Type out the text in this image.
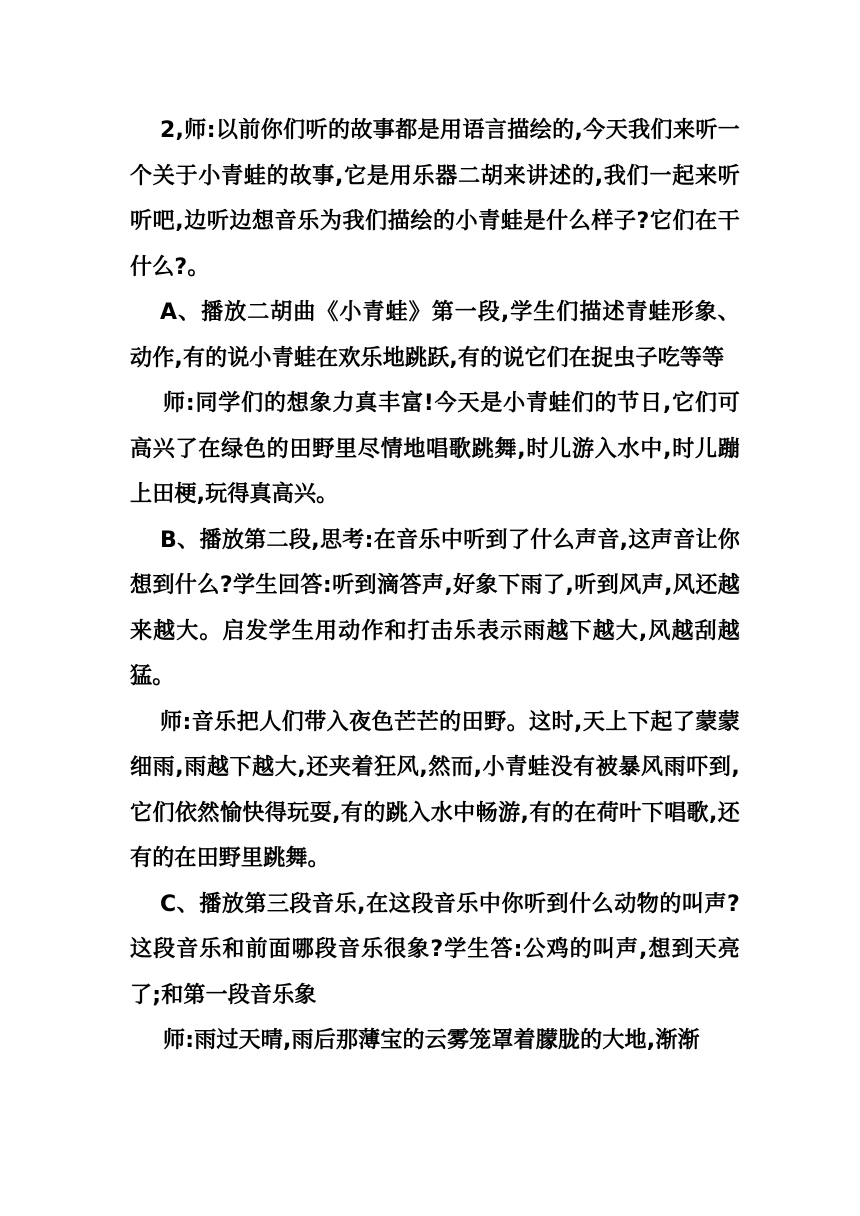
2,师:以前你们听的故事都是用语言描绘的,今天我们来听一个关于小青蛙的故事,它是用乐器二胡来讲述的,我们一起来听听吧,边听边想音乐为我们描绘的小青蛙是什么样子?它们在干什么?。

A、播放二胡曲《小青蛙》第一段,学生们描述青蛙形象、动作,有的说小青蛙在欢乐地跳跃,有的说它们在捉虫子吃等等

师:同学们的想象力真丰富!今天是小青蛙们的节日,它们可高兴了在绿色的田野里尽情地唱歌跳舞,时儿游入水中,时儿蹦上田梗,玩得真高兴。

B、播放第二段,思考:在音乐中听到了什么声音,这声音让你想到什么?学生回答:听到滴答声,好象下雨了,听到风声,风还越来越大。启发学生用动作和打击乐表示雨越下越大,风越刮越猛。

师:音乐把人们带入夜色芒芒的田野。这时,天上下起了蒙蒙细雨,雨越下越大,还夹着狂风,然而,小青蛙没有被暴风雨吓到,它们依然愉快得玩耍,有的跳入水中畅游,有的在荷叶下唱歌,还有的在田野里跳舞。

C、播放第三段音乐,在这段音乐中你听到什么动物的叫声?这段音乐和前面哪段音乐很象?学生答:公鸡的叫声,想到天亮了;和第一段音乐象

师:雨过天晴,雨后那薄宝的云雾笼罩着朦胧的大地,渐渐
